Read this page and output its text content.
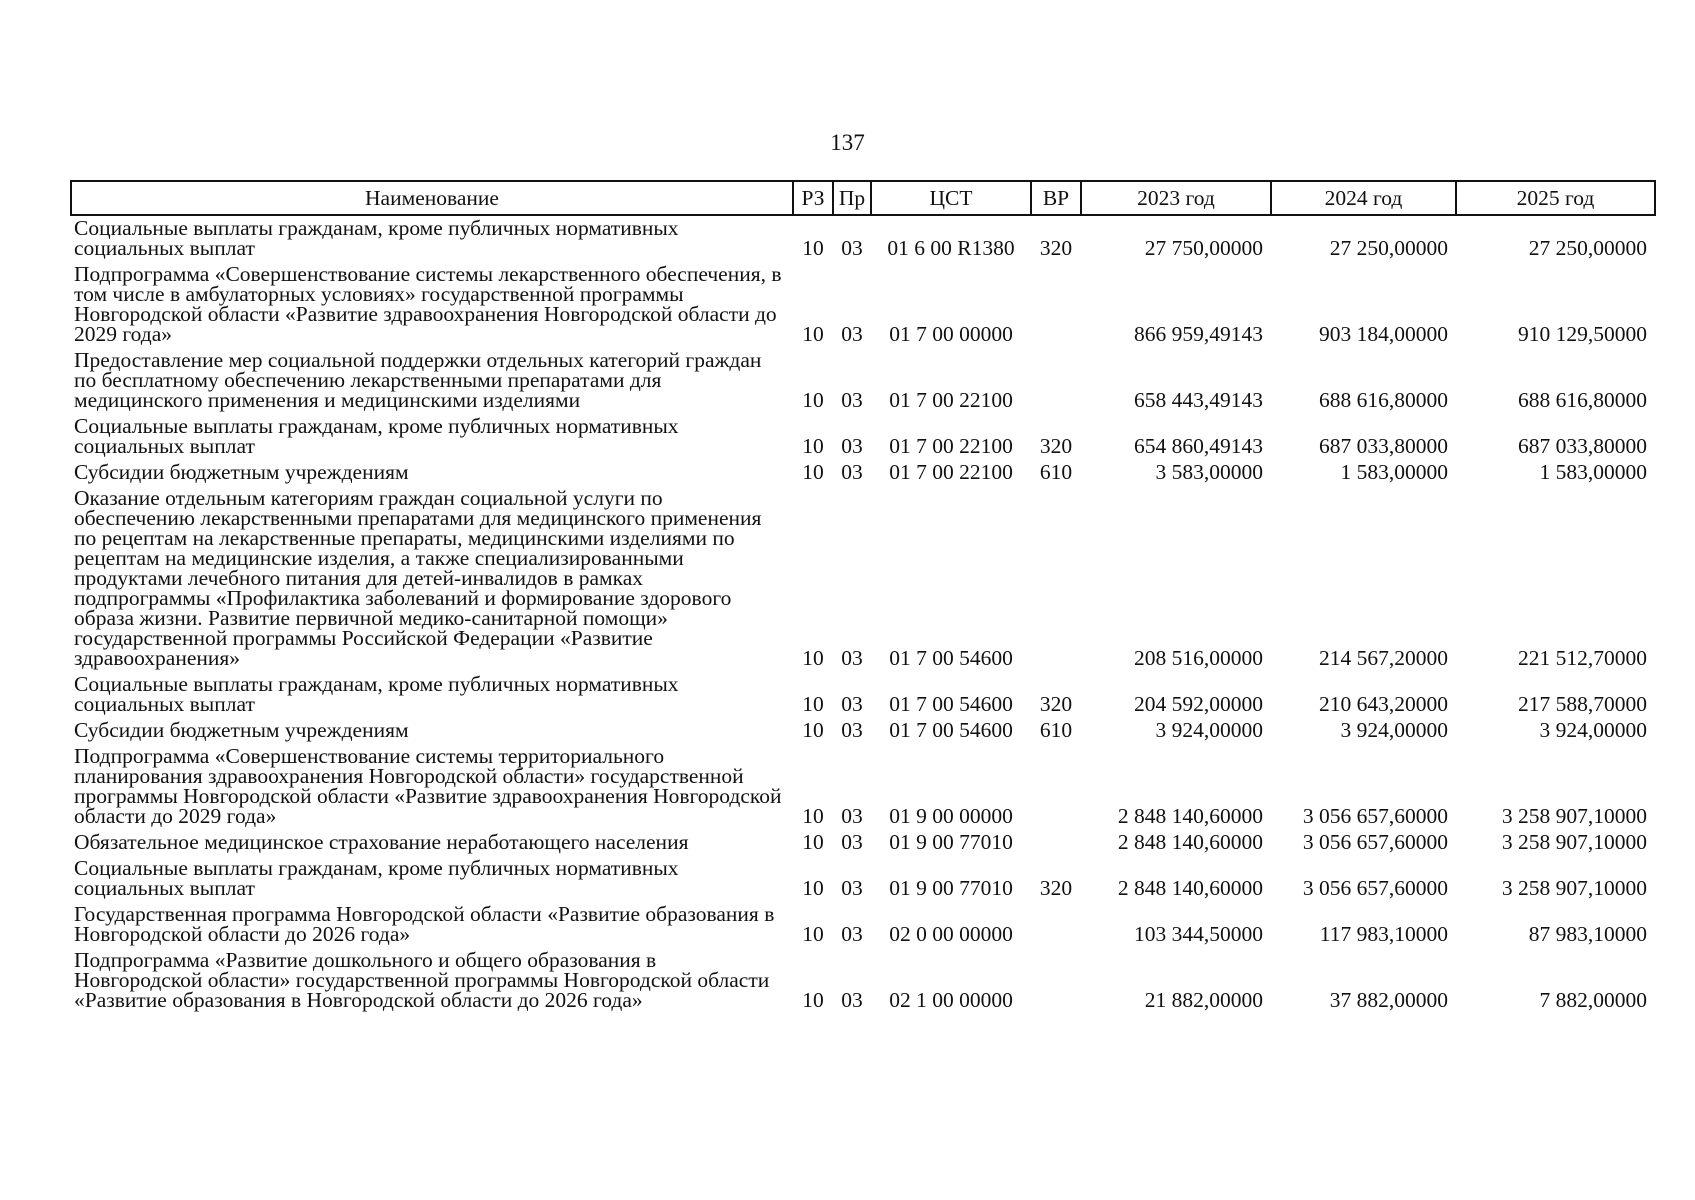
137
Наименование	РЗ	Пр	ЦСТ	ВР	2023 год	2024 год	2025 год
Социальные выплаты гражданам, кроме публичных нормативных социальных выплат	10	03	01 6 00 R1380	320	27 750,00000	27 250,00000	27 250,00000
Подпрограмма «Совершенствование системы лекарственного обеспечения, в том числе в амбулаторных условиях» государственной программы Новгородской области «Развитие здравоохранения Новгородской области до 2029 года»	10	03	01 7 00 00000		866 959,49143	903 184,00000	910 129,50000
Предоставление мер социальной поддержки отдельных категорий граждан по бесплатному обеспечению лекарственными препаратами для медицинского применения и медицинскими изделиями	10	03	01 7 00 22100		658 443,49143	688 616,80000	688 616,80000
Социальные выплаты гражданам, кроме публичных нормативных социальных выплат	10	03	01 7 00 22100	320	654 860,49143	687 033,80000	687 033,80000
Субсидии бюджетным учреждениям	10	03	01 7 00 22100	610	3 583,00000	1 583,00000	1 583,00000
Оказание отдельным категориям граждан социальной услуги по обеспечению лекарственными препаратами для медицинского применения по рецептам на лекарственные препараты, медицинскими изделиями по рецептам на медицинские изделия, а также специализированными продуктами лечебного питания для детей-инвалидов в рамках подпрограммы «Профилактика заболеваний и формирование здорового образа жизни. Развитие первичной медико-санитарной помощи» государственной программы Российской Федерации «Развитие здравоохранения»	10	03	01 7 00 54600		208 516,00000	214 567,20000	221 512,70000
Социальные выплаты гражданам, кроме публичных нормативных социальных выплат	10	03	01 7 00 54600	320	204 592,00000	210 643,20000	217 588,70000
Субсидии бюджетным учреждениям	10	03	01 7 00 54600	610	3 924,00000	3 924,00000	3 924,00000
Подпрограмма «Совершенствование системы территориального планирования здравоохранения Новгородской области» государственной программы Новгородской области «Развитие здравоохранения Новгородской области до 2029 года»	10	03	01 9 00 00000		2 848 140,60000	3 056 657,60000	3 258 907,10000
Обязательное медицинское страхование неработающего населения	10	03	01 9 00 77010		2 848 140,60000	3 056 657,60000	3 258 907,10000
Социальные выплаты гражданам, кроме публичных нормативных социальных выплат	10	03	01 9 00 77010	320	2 848 140,60000	3 056 657,60000	3 258 907,10000
Государственная программа Новгородской области «Развитие образования в Новгородской области до 2026 года»	10	03	02 0 00 00000		103 344,50000	117 983,10000	87 983,10000
Подпрограмма «Развитие дошкольного и общего образования в Новгородской области» государственной программы Новгородской области «Развитие образования в Новгородской области до 2026 года»	10	03	02 1 00 00000		21 882,00000	37 882,00000	7 882,00000
